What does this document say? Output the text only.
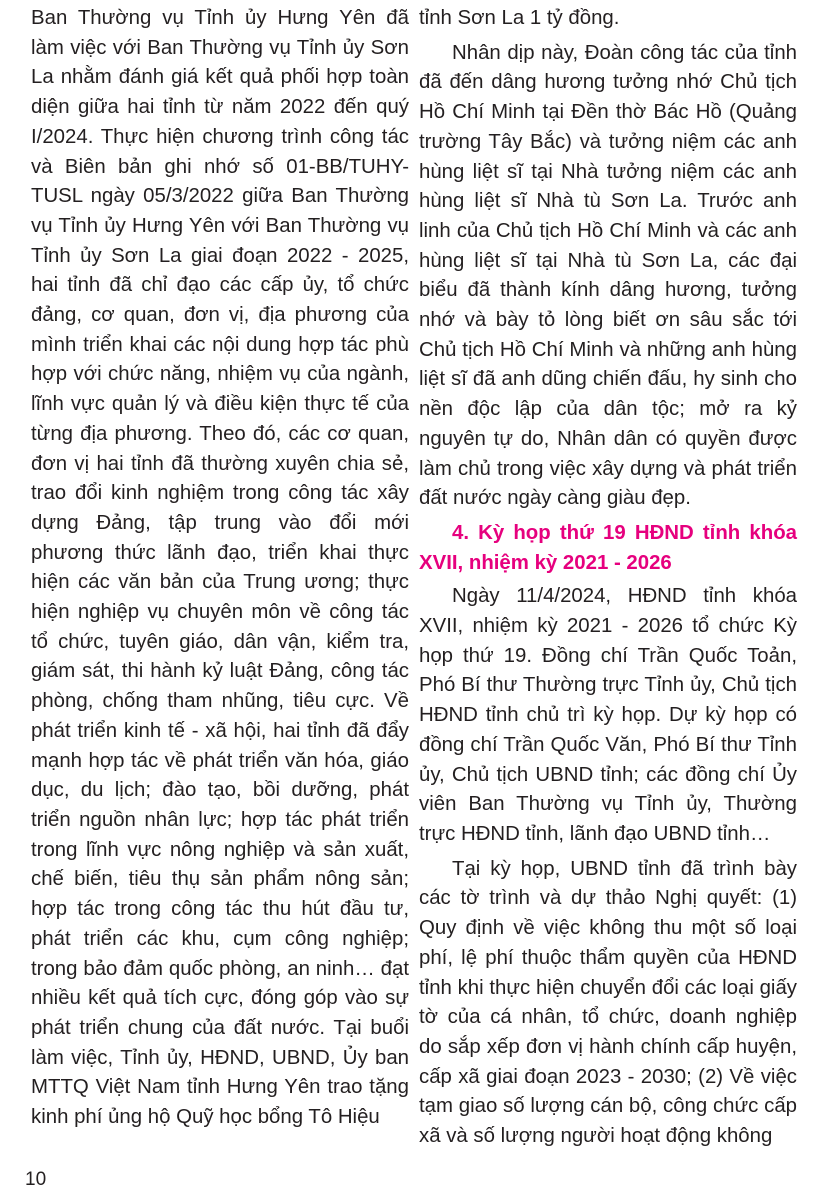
Ban Thường vụ Tỉnh ủy Hưng Yên đã làm việc với Ban Thường vụ Tỉnh ủy Sơn La nhằm đánh giá kết quả phối hợp toàn diện giữa hai tỉnh từ năm 2022 đến quý I/2024. Thực hiện chương trình công tác và Biên bản ghi nhớ số 01-BB/TUHY-TUSL ngày 05/3/2022 giữa Ban Thường vụ Tỉnh ủy Hưng Yên với Ban Thường vụ Tỉnh ủy Sơn La giai đoạn 2022 - 2025, hai tỉnh đã chỉ đạo các cấp ủy, tổ chức đảng, cơ quan, đơn vị, địa phương của mình triển khai các nội dung hợp tác phù hợp với chức năng, nhiệm vụ của ngành, lĩnh vực quản lý và điều kiện thực tế của từng địa phương. Theo đó, các cơ quan, đơn vị hai tỉnh đã thường xuyên chia sẻ, trao đổi kinh nghiệm trong công tác xây dựng Đảng, tập trung vào đổi mới phương thức lãnh đạo, triển khai thực hiện các văn bản của Trung ương; thực hiện nghiệp vụ chuyên môn về công tác tổ chức, tuyên giáo, dân vận, kiểm tra, giám sát, thi hành kỷ luật Đảng, công tác phòng, chống tham nhũng, tiêu cực. Về phát triển kinh tế - xã hội, hai tỉnh đã đẩy mạnh hợp tác về phát triển văn hóa, giáo dục, du lịch; đào tạo, bồi dưỡng, phát triển nguồn nhân lực; hợp tác phát triển trong lĩnh vực nông nghiệp và sản xuất, chế biến, tiêu thụ sản phẩm nông sản; hợp tác trong công tác thu hút đầu tư, phát triển các khu, cụm công nghiệp; trong bảo đảm quốc phòng, an ninh… đạt nhiều kết quả tích cực, đóng góp vào sự phát triển chung của đất nước. Tại buổi làm việc, Tỉnh ủy, HĐND, UBND, Ủy ban MTTQ Việt Nam tỉnh Hưng Yên trao tặng kinh phí ủng hộ Quỹ học bổng Tô Hiệu

tỉnh Sơn La 1 tỷ đồng.

Nhân dịp này, Đoàn công tác của tỉnh đã đến dâng hương tưởng nhớ Chủ tịch Hồ Chí Minh tại Đền thờ Bác Hồ (Quảng trường Tây Bắc) và tưởng niệm các anh hùng liệt sĩ tại Nhà tưởng niệm các anh hùng liệt sĩ Nhà tù Sơn La. Trước anh linh của Chủ tịch Hồ Chí Minh và các anh hùng liệt sĩ tại Nhà tù Sơn La, các đại biểu đã thành kính dâng hương, tưởng nhớ và bày tỏ lòng biết ơn sâu sắc tới Chủ tịch Hồ Chí Minh và những anh hùng liệt sĩ đã anh dũng chiến đấu, hy sinh cho nền độc lập của dân tộc; mở ra kỷ nguyên tự do, Nhân dân có quyền được làm chủ trong việc xây dựng và phát triển đất nước ngày càng giàu đẹp.

4. Kỳ họp thứ 19 HĐND tỉnh khóa XVII, nhiệm kỳ 2021 - 2026

Ngày 11/4/2024, HĐND tỉnh khóa XVII, nhiệm kỳ 2021 - 2026 tổ chức Kỳ họp thứ 19. Đồng chí Trần Quốc Toản, Phó Bí thư Thường trực Tỉnh ủy, Chủ tịch HĐND tỉnh chủ trì kỳ họp. Dự kỳ họp có đồng chí Trần Quốc Văn, Phó Bí thư Tỉnh ủy, Chủ tịch UBND tỉnh; các đồng chí Ủy viên Ban Thường vụ Tỉnh ủy, Thường trực HĐND tỉnh, lãnh đạo UBND tỉnh…

Tại kỳ họp, UBND tỉnh đã trình bày các tờ trình và dự thảo Nghị quyết: (1) Quy định về việc không thu một số loại phí, lệ phí thuộc thẩm quyền của HĐND tỉnh khi thực hiện chuyển đổi các loại giấy tờ của cá nhân, tổ chức, doanh nghiệp do sắp xếp đơn vị hành chính cấp huyện, cấp xã giai đoạn 2023 - 2030; (2) Về việc tạm giao số lượng cán bộ, công chức cấp xã và số lượng người hoạt động không

10
